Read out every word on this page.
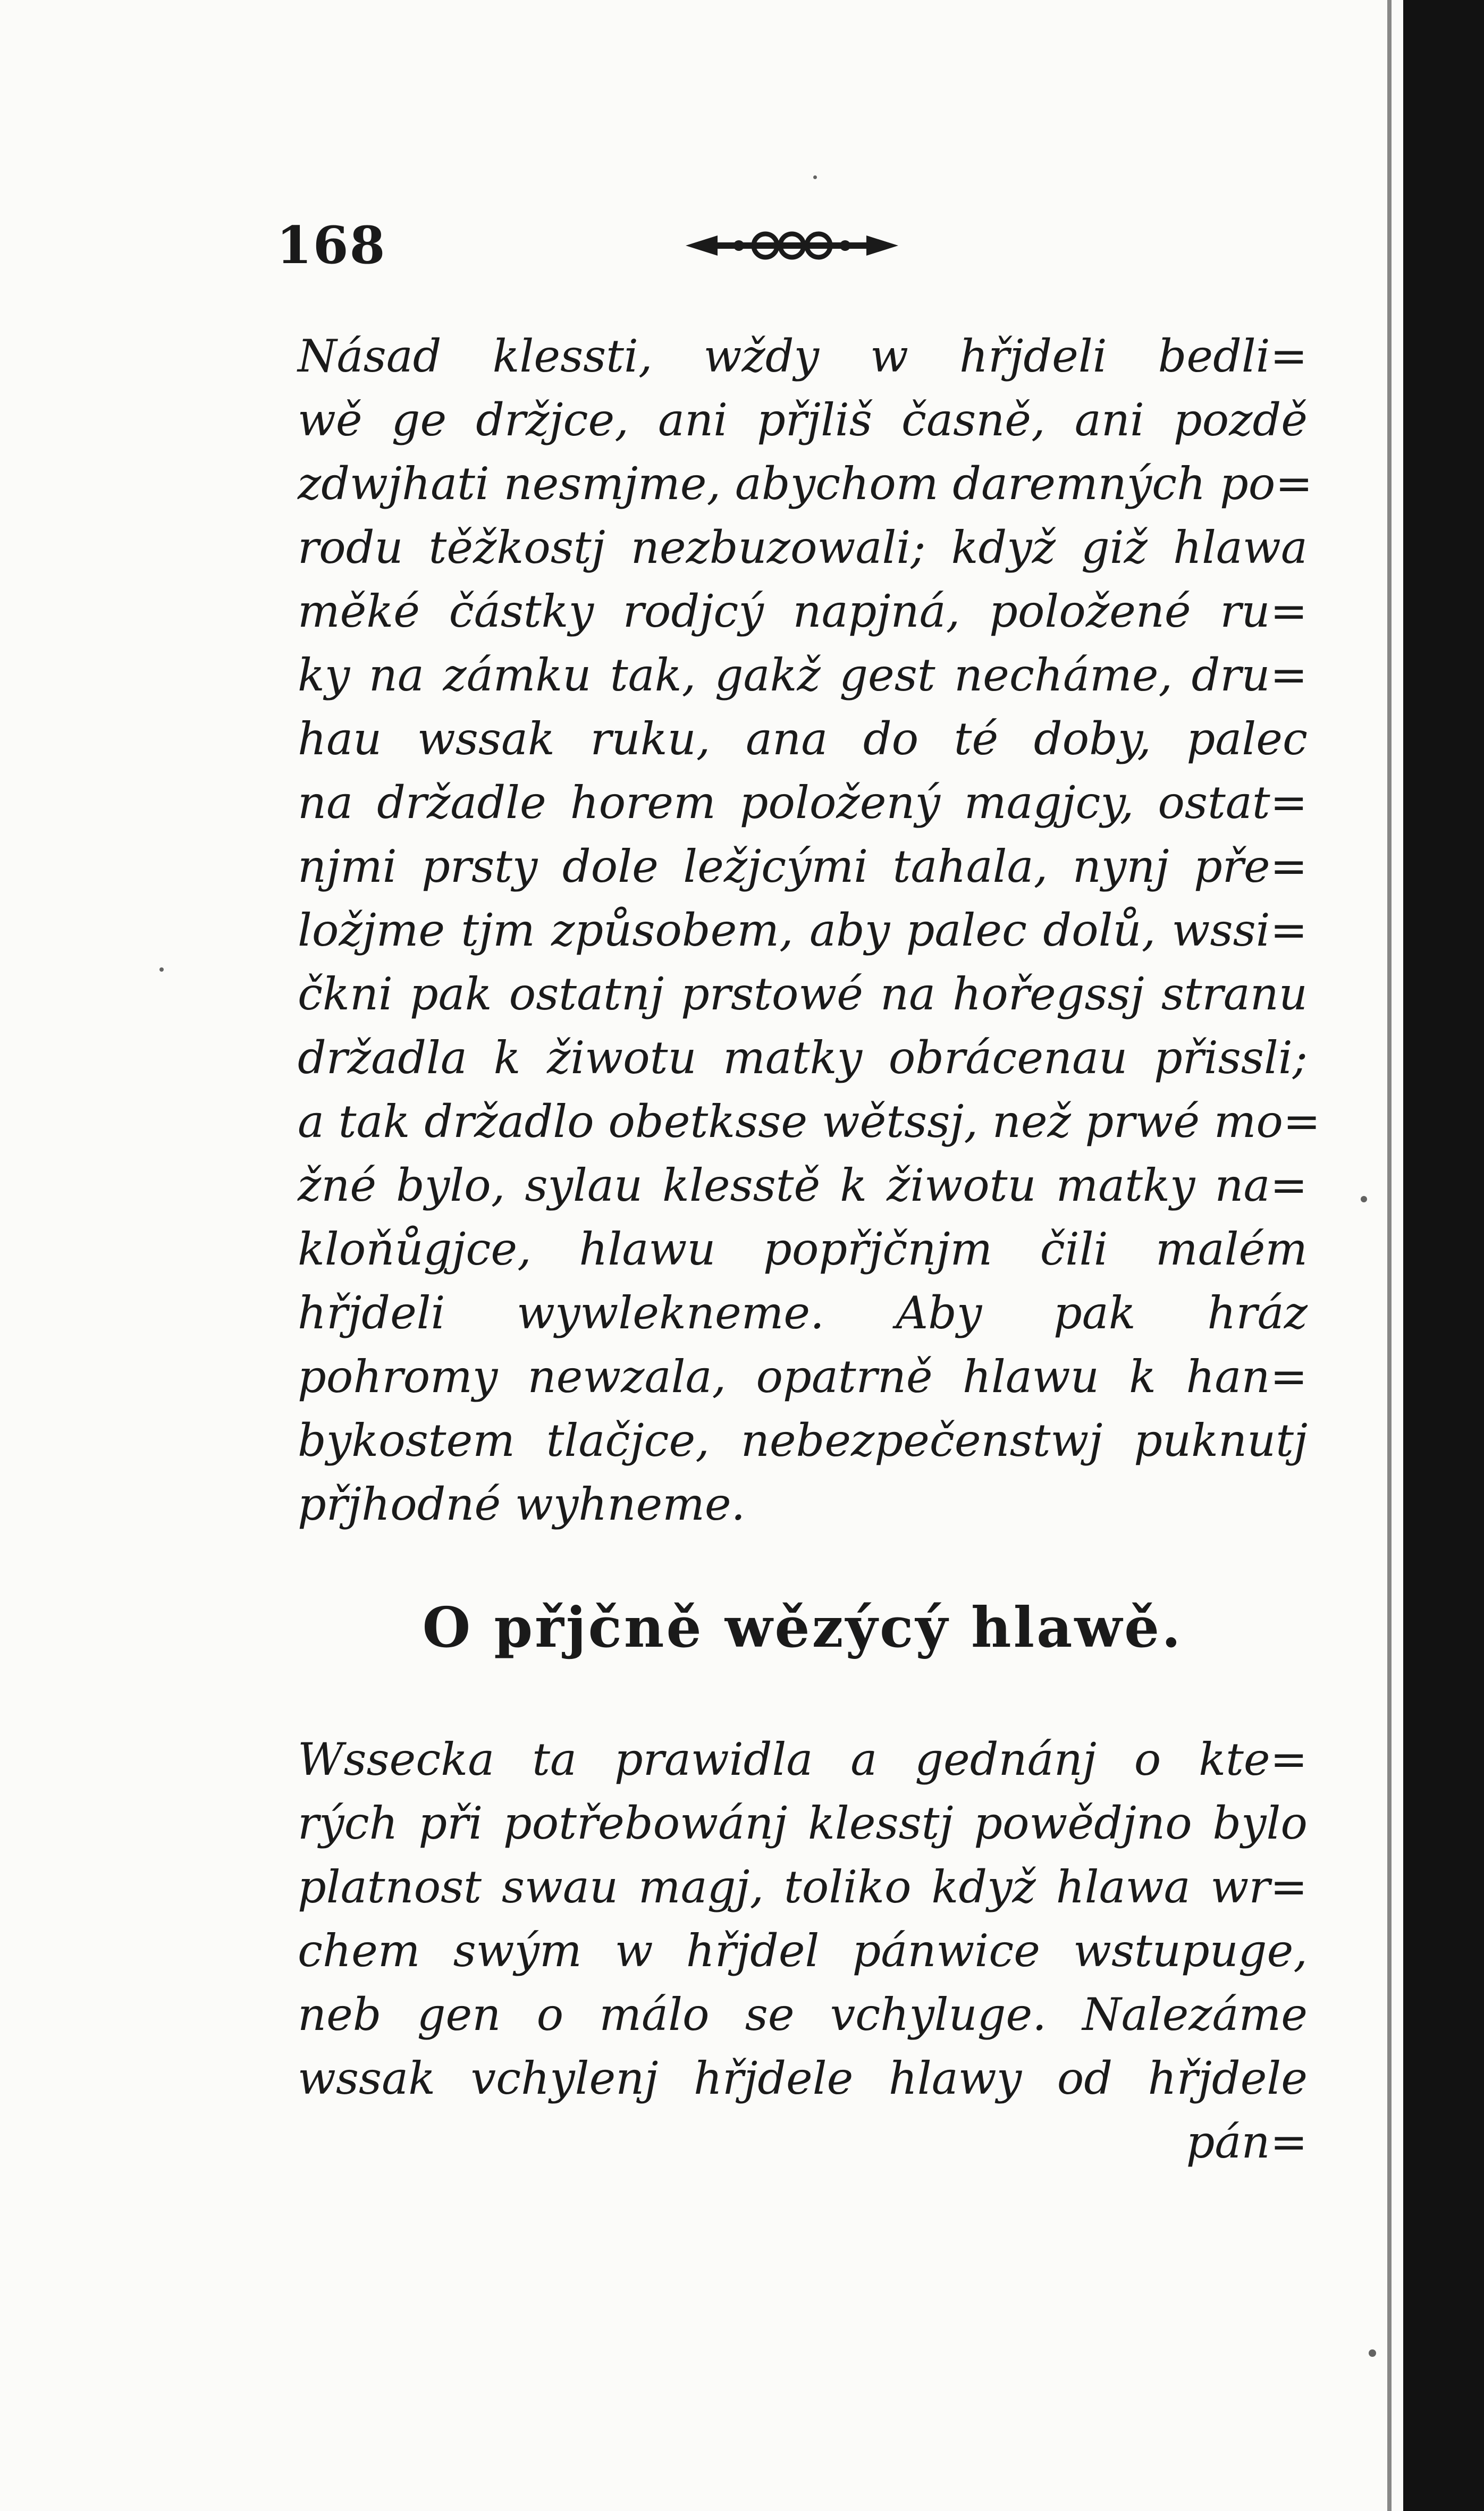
168
Násad klessti, wždy w hřjdeli bedli=
wě ge držjce, ani přjliš časně, ani pozdě
zdwjhati nesmjme, abychom daremných po=
rodu těžkostj nezbuzowali; když giž hlawa
měké částky rodjcý napjná, položené ru=
ky na zámku tak, gakž gest necháme, dru=
hau wssak ruku, ana do té doby, palec
na držadle horem položený magjcy, ostat=
njmi prsty dole ležjcými tahala, nynj pře=
ložjme tjm způsobem, aby palec dolů, wssi=
čkni pak ostatnj prstowé na hořegssj stranu
držadla k žiwotu matky obrácenau přissli;
a tak držadlo obetksse wětssj, než prwé mo=
žné bylo, sylau klesstě k žiwotu matky na=
kloňůgjce, hlawu popřjčnjm čili malém
hřjdeli wywlekneme. Aby pak hráz
pohromy newzala, opatrně hlawu k han=
bykostem tlačjce, nebezpečenstwj puknutj
přjhodné wyhneme.
O přjčně wězýcý hlawě.
Wssecka ta prawidla a gednánj o kte=
rých při potřebowánj klesstj powědjno bylo
platnost swau magj, toliko když hlawa wr=
chem swým w hřjdel pánwice wstupuge,
neb gen o málo se vchyluge. Nalezáme
wssak vchylenj hřjdele hlawy od hřjdele
pán=
